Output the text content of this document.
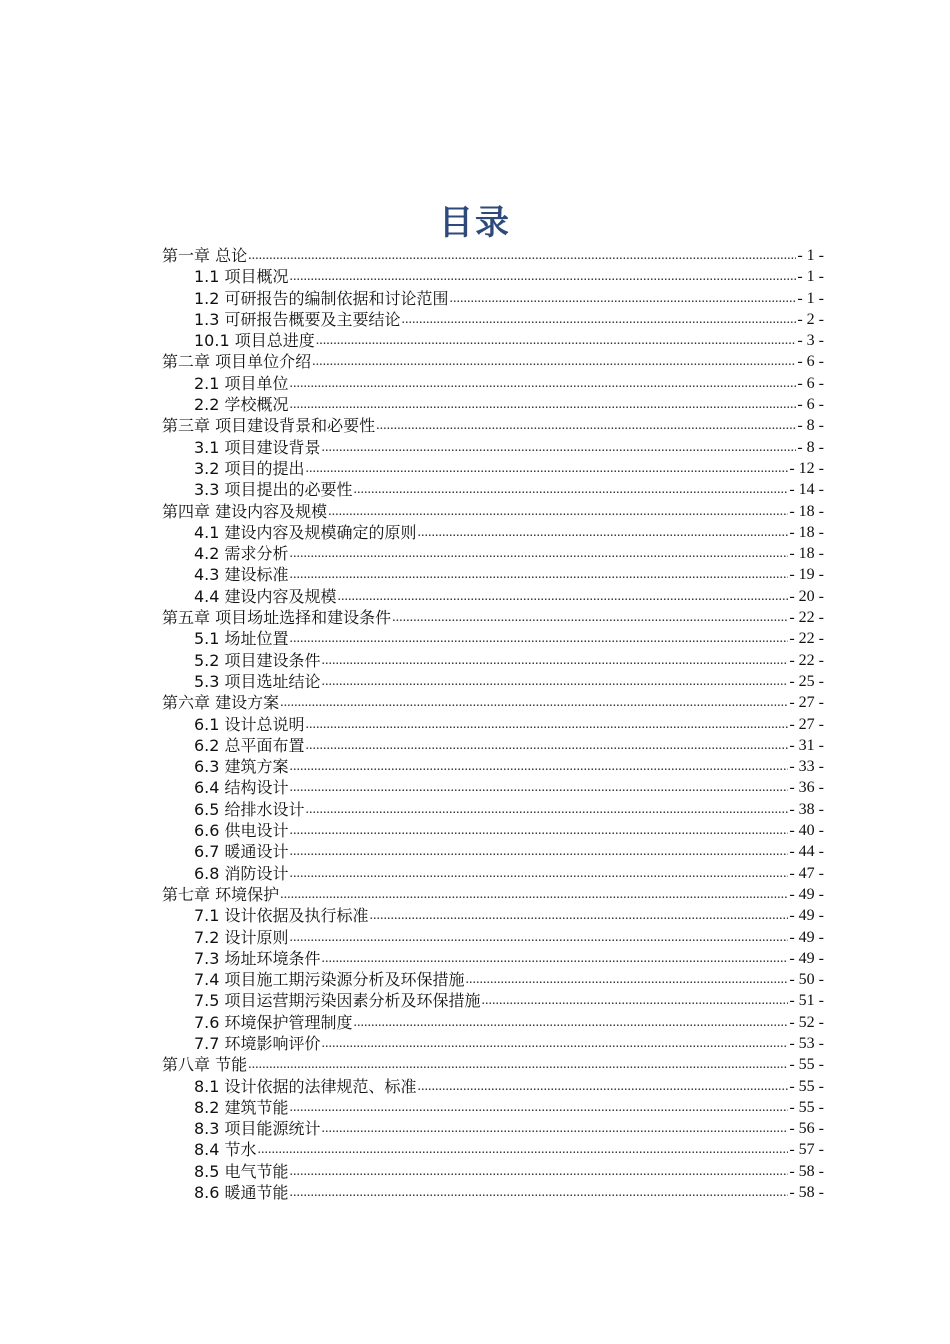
目录
第一章 总论 .....	- 1 -
1.1 项目概况 .....	- 1 -
1.2 可研报告的编制依据和讨论范围 .....	- 1 -
1.3 可研报告概要及主要结论 .....	- 2 -
10.1 项目总进度 .....	- 3 -
第二章 项目单位介绍 .....	- 6 -
2.1 项目单位 .....	- 6 -
2.2 学校概况 .....	- 6 -
第三章 项目建设背景和必要性 .....	- 8 -
3.1 项目建设背景 .....	- 8 -
3.2 项目的提出 .....	- 12 -
3.3 项目提出的必要性 .....	- 14 -
第四章 建设内容及规模 .....	- 18 -
4.1 建设内容及规模确定的原则 .....	- 18 -
4.2 需求分析 .....	- 18 -
4.3 建设标准 .....	- 19 -
4.4 建设内容及规模 .....	- 20 -
第五章 项目场址选择和建设条件 .....	- 22 -
5.1 场址位置 .....	- 22 -
5.2 项目建设条件 .....	- 22 -
5.3 项目选址结论 .....	- 25 -
第六章 建设方案 .....	- 27 -
6.1 设计总说明 .....	- 27 -
6.2 总平面布置 .....	- 31 -
6.3 建筑方案 .....	- 33 -
6.4 结构设计 .....	- 36 -
6.5 给排水设计 .....	- 38 -
6.6 供电设计 .....	- 40 -
6.7 暖通设计 .....	- 44 -
6.8 消防设计 .....	- 47 -
第七章 环境保护 .....	- 49 -
7.1 设计依据及执行标准 .....	- 49 -
7.2 设计原则 .....	- 49 -
7.3 场址环境条件 .....	- 49 -
7.4 项目施工期污染源分析及环保措施 .....	- 50 -
7.5 项目运营期污染因素分析及环保措施 .....	- 51 -
7.6 环境保护管理制度 .....	- 52 -
7.7 环境影响评价 .....	- 53 -
第八章 节能 .....	- 55 -
8.1 设计依据的法律规范、标准 .....	- 55 -
8.2 建筑节能 .....	- 55 -
8.3 项目能源统计 .....	- 56 -
8.4 节水 .....	- 57 -
8.5 电气节能 .....	- 58 -
8.6 暖通节能 .....	- 58 -
